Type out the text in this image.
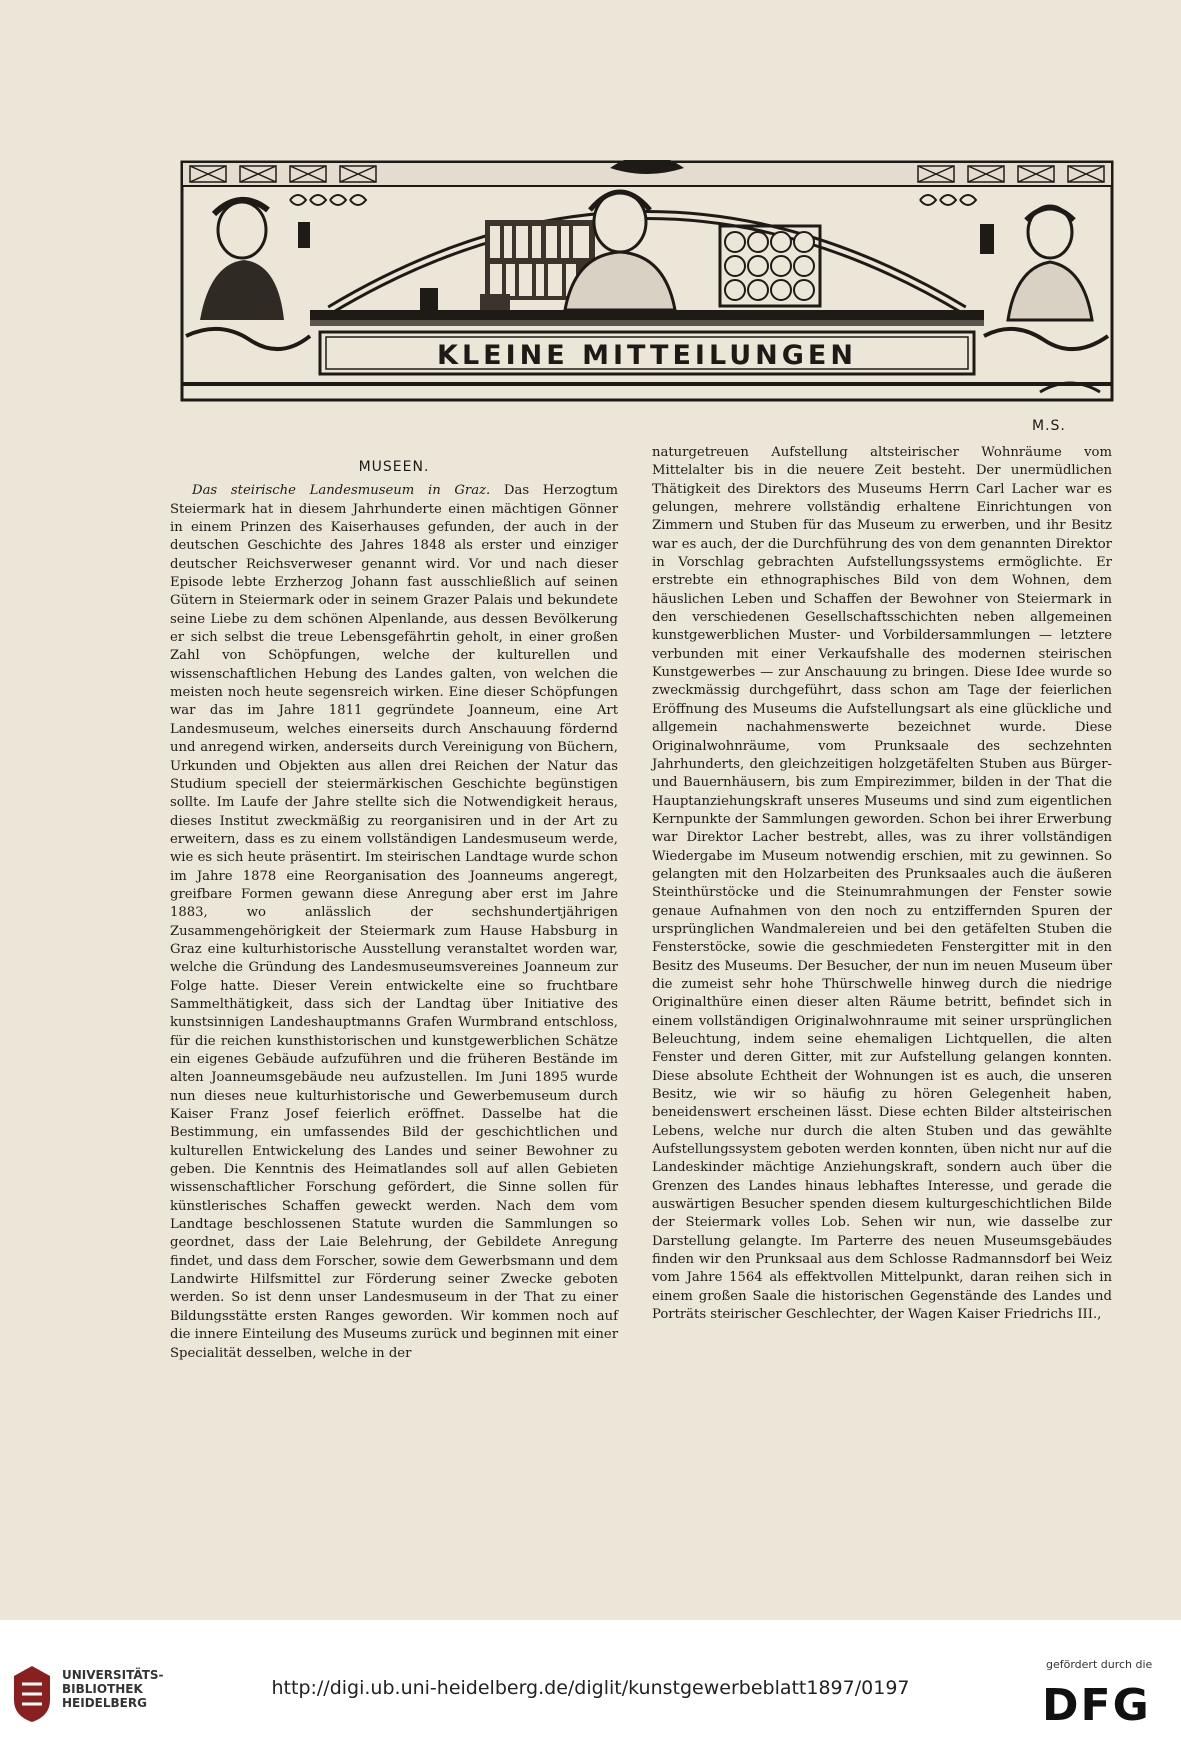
KLEINE MITTEILUNGEN
M.S.
MUSEEN.

Das steirische Landesmuseum in Graz. Das Herzogtum Steiermark hat in diesem Jahrhunderte einen mächtigen Gönner in einem Prinzen des Kaiserhauses gefunden, der auch in der deutschen Geschichte des Jahres 1848 als erster und einziger deutscher Reichsverweser genannt wird. Vor und nach dieser Episode lebte Erzherzog Johann fast ausschließlich auf seinen Gütern in Steiermark oder in seinem Grazer Palais und bekundete seine Liebe zu dem schönen Alpenlande, aus dessen Bevölkerung er sich selbst die treue Lebensgefährtin geholt, in einer großen Zahl von Schöpfungen, welche der kulturellen und wissenschaftlichen Hebung des Landes galten, von welchen die meisten noch heute segensreich wirken. Eine dieser Schöpfungen war das im Jahre 1811 gegründete Joanneum, eine Art Landesmuseum, welches einerseits durch Anschauung fördernd und anregend wirken, anderseits durch Vereinigung von Büchern, Urkunden und Objekten aus allen drei Reichen der Natur das Studium speciell der steiermärkischen Geschichte begünstigen sollte. Im Laufe der Jahre stellte sich die Notwendigkeit heraus, dieses Institut zweckmäßig zu reorganisiren und in der Art zu erweitern, dass es zu einem vollständigen Landesmuseum werde, wie es sich heute präsentirt. Im steirischen Landtage wurde schon im Jahre 1878 eine Reorganisation des Joanneums angeregt, greifbare Formen gewann diese Anregung aber erst im Jahre 1883, wo anlässlich der sechshundertjährigen Zusammengehörigkeit der Steiermark zum Hause Habsburg in Graz eine kulturhistorische Ausstellung veranstaltet worden war, welche die Gründung des Landesmuseumsvereines Joanneum zur Folge hatte. Dieser Verein entwickelte eine so fruchtbare Sammelthätigkeit, dass sich der Landtag über Initiative des kunstsinnigen Landeshauptmanns Grafen Wurmbrand entschloss, für die reichen kunsthistorischen und kunstgewerblichen Schätze ein eigenes Gebäude aufzuführen und die früheren Bestände im alten Joanneumsgebäude neu aufzustellen. Im Juni 1895 wurde nun dieses neue kulturhistorische und Gewerbemuseum durch Kaiser Franz Josef feierlich eröffnet. Dasselbe hat die Bestimmung, ein umfassendes Bild der geschichtlichen und kulturellen Entwickelung des Landes und seiner Bewohner zu geben. Die Kenntnis des Heimatlandes soll auf allen Gebieten wissenschaftlicher Forschung gefördert, die Sinne sollen für künstlerisches Schaffen geweckt werden. Nach dem vom Landtage beschlossenen Statute wurden die Sammlungen so geordnet, dass der Laie Belehrung, der Gebildete Anregung findet, und dass dem Forscher, sowie dem Gewerbsmann und dem Landwirte Hilfsmittel zur Förderung seiner Zwecke geboten werden. So ist denn unser Landesmuseum in der That zu einer Bildungsstätte ersten Ranges geworden. Wir kommen noch auf die innere Einteilung des Museums zurück und beginnen mit einer Specialität desselben, welche in der

naturgetreuen Aufstellung altsteirischer Wohnräume vom Mittelalter bis in die neuere Zeit besteht. Der unermüdlichen Thätigkeit des Direktors des Museums Herrn Carl Lacher war es gelungen, mehrere vollständig erhaltene Einrichtungen von Zimmern und Stuben für das Museum zu erwerben, und ihr Besitz war es auch, der die Durchführung des von dem genannten Direktor in Vorschlag gebrachten Aufstellungssystems ermöglichte. Er erstrebte ein ethnographisches Bild von dem Wohnen, dem häuslichen Leben und Schaffen der Bewohner von Steiermark in den verschiedenen Gesellschaftsschichten neben allgemeinen kunstgewerblichen Muster- und Vorbildersammlungen — letztere verbunden mit einer Verkaufshalle des modernen steirischen Kunstgewerbes — zur Anschauung zu bringen. Diese Idee wurde so zweckmässig durchgeführt, dass schon am Tage der feierlichen Eröffnung des Museums die Aufstellungsart als eine glückliche und allgemein nachahmenswerte bezeichnet wurde. Diese Originalwohnräume, vom Prunksaale des sechzehnten Jahrhunderts, den gleichzeitigen holzgetäfelten Stuben aus Bürger- und Bauernhäusern, bis zum Empirezimmer, bilden in der That die Hauptanziehungskraft unseres Museums und sind zum eigentlichen Kernpunkte der Sammlungen geworden. Schon bei ihrer Erwerbung war Direktor Lacher bestrebt, alles, was zu ihrer vollständigen Wiedergabe im Museum notwendig erschien, mit zu gewinnen. So gelangten mit den Holzarbeiten des Prunksaales auch die äußeren Steinthürstöcke und die Steinumrahmungen der Fenster sowie genaue Aufnahmen von den noch zu entziffernden Spuren der ursprünglichen Wandmalereien und bei den getäfelten Stuben die Fensterstöcke, sowie die geschmiedeten Fenstergitter mit in den Besitz des Museums. Der Besucher, der nun im neuen Museum über die zumeist sehr hohe Thürschwelle hinweg durch die niedrige Originalthüre einen dieser alten Räume betritt, befindet sich in einem vollständigen Originalwohnraume mit seiner ursprünglichen Beleuchtung, indem seine ehemaligen Lichtquellen, die alten Fenster und deren Gitter, mit zur Aufstellung gelangen konnten. Diese absolute Echtheit der Wohnungen ist es auch, die unseren Besitz, wie wir so häufig zu hören Gelegenheit haben, beneidenswert erscheinen lässt. Diese echten Bilder altsteirischen Lebens, welche nur durch die alten Stuben und das gewählte Aufstellungssystem geboten werden konnten, üben nicht nur auf die Landeskinder mächtige Anziehungskraft, sondern auch über die Grenzen des Landes hinaus lebhaftes Interesse, und gerade die auswärtigen Besucher spenden diesem kulturgeschichtlichen Bilde der Steiermark volles Lob. Sehen wir nun, wie dasselbe zur Darstellung gelangte. Im Parterre des neuen Museumsgebäudes finden wir den Prunksaal aus dem Schlosse Radmannsdorf bei Weiz vom Jahre 1564 als effektvollen Mittelpunkt, daran reihen sich in einem großen Saale die historischen Gegenstände des Landes und Porträts steirischer Geschlechter, der Wagen Kaiser Friedrichs III.,

UNIVERSITÄTS-
BIBLIOTHEK
HEIDELBERG
http://digi.ub.uni-heidelberg.de/diglit/kunstgewerbeblatt1897/0197
gefördert durch die
DFG
